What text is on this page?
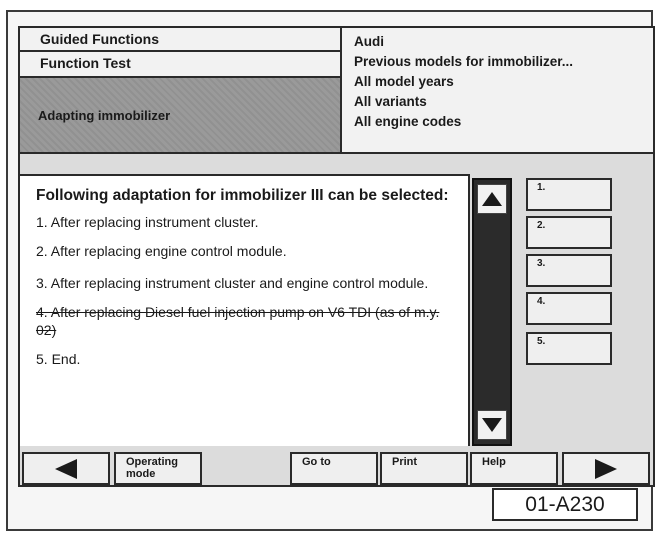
Guided Functions
Function Test
Adapting immobilizer
Audi
Previous models for immobilizer...
All model years
All variants
All engine codes
Following adaptation for immobilizer III can be selected:
1. After replacing instrument cluster.
2. After replacing engine control module.
3. After replacing instrument cluster and engine control module.
4. After replacing Diesel fuel injection pump on V6 TDI (as of m.y. 02)
5. End.
1.
2.
3.
4.
5.
Operating mode
Go to	Print	Help
01-A230
